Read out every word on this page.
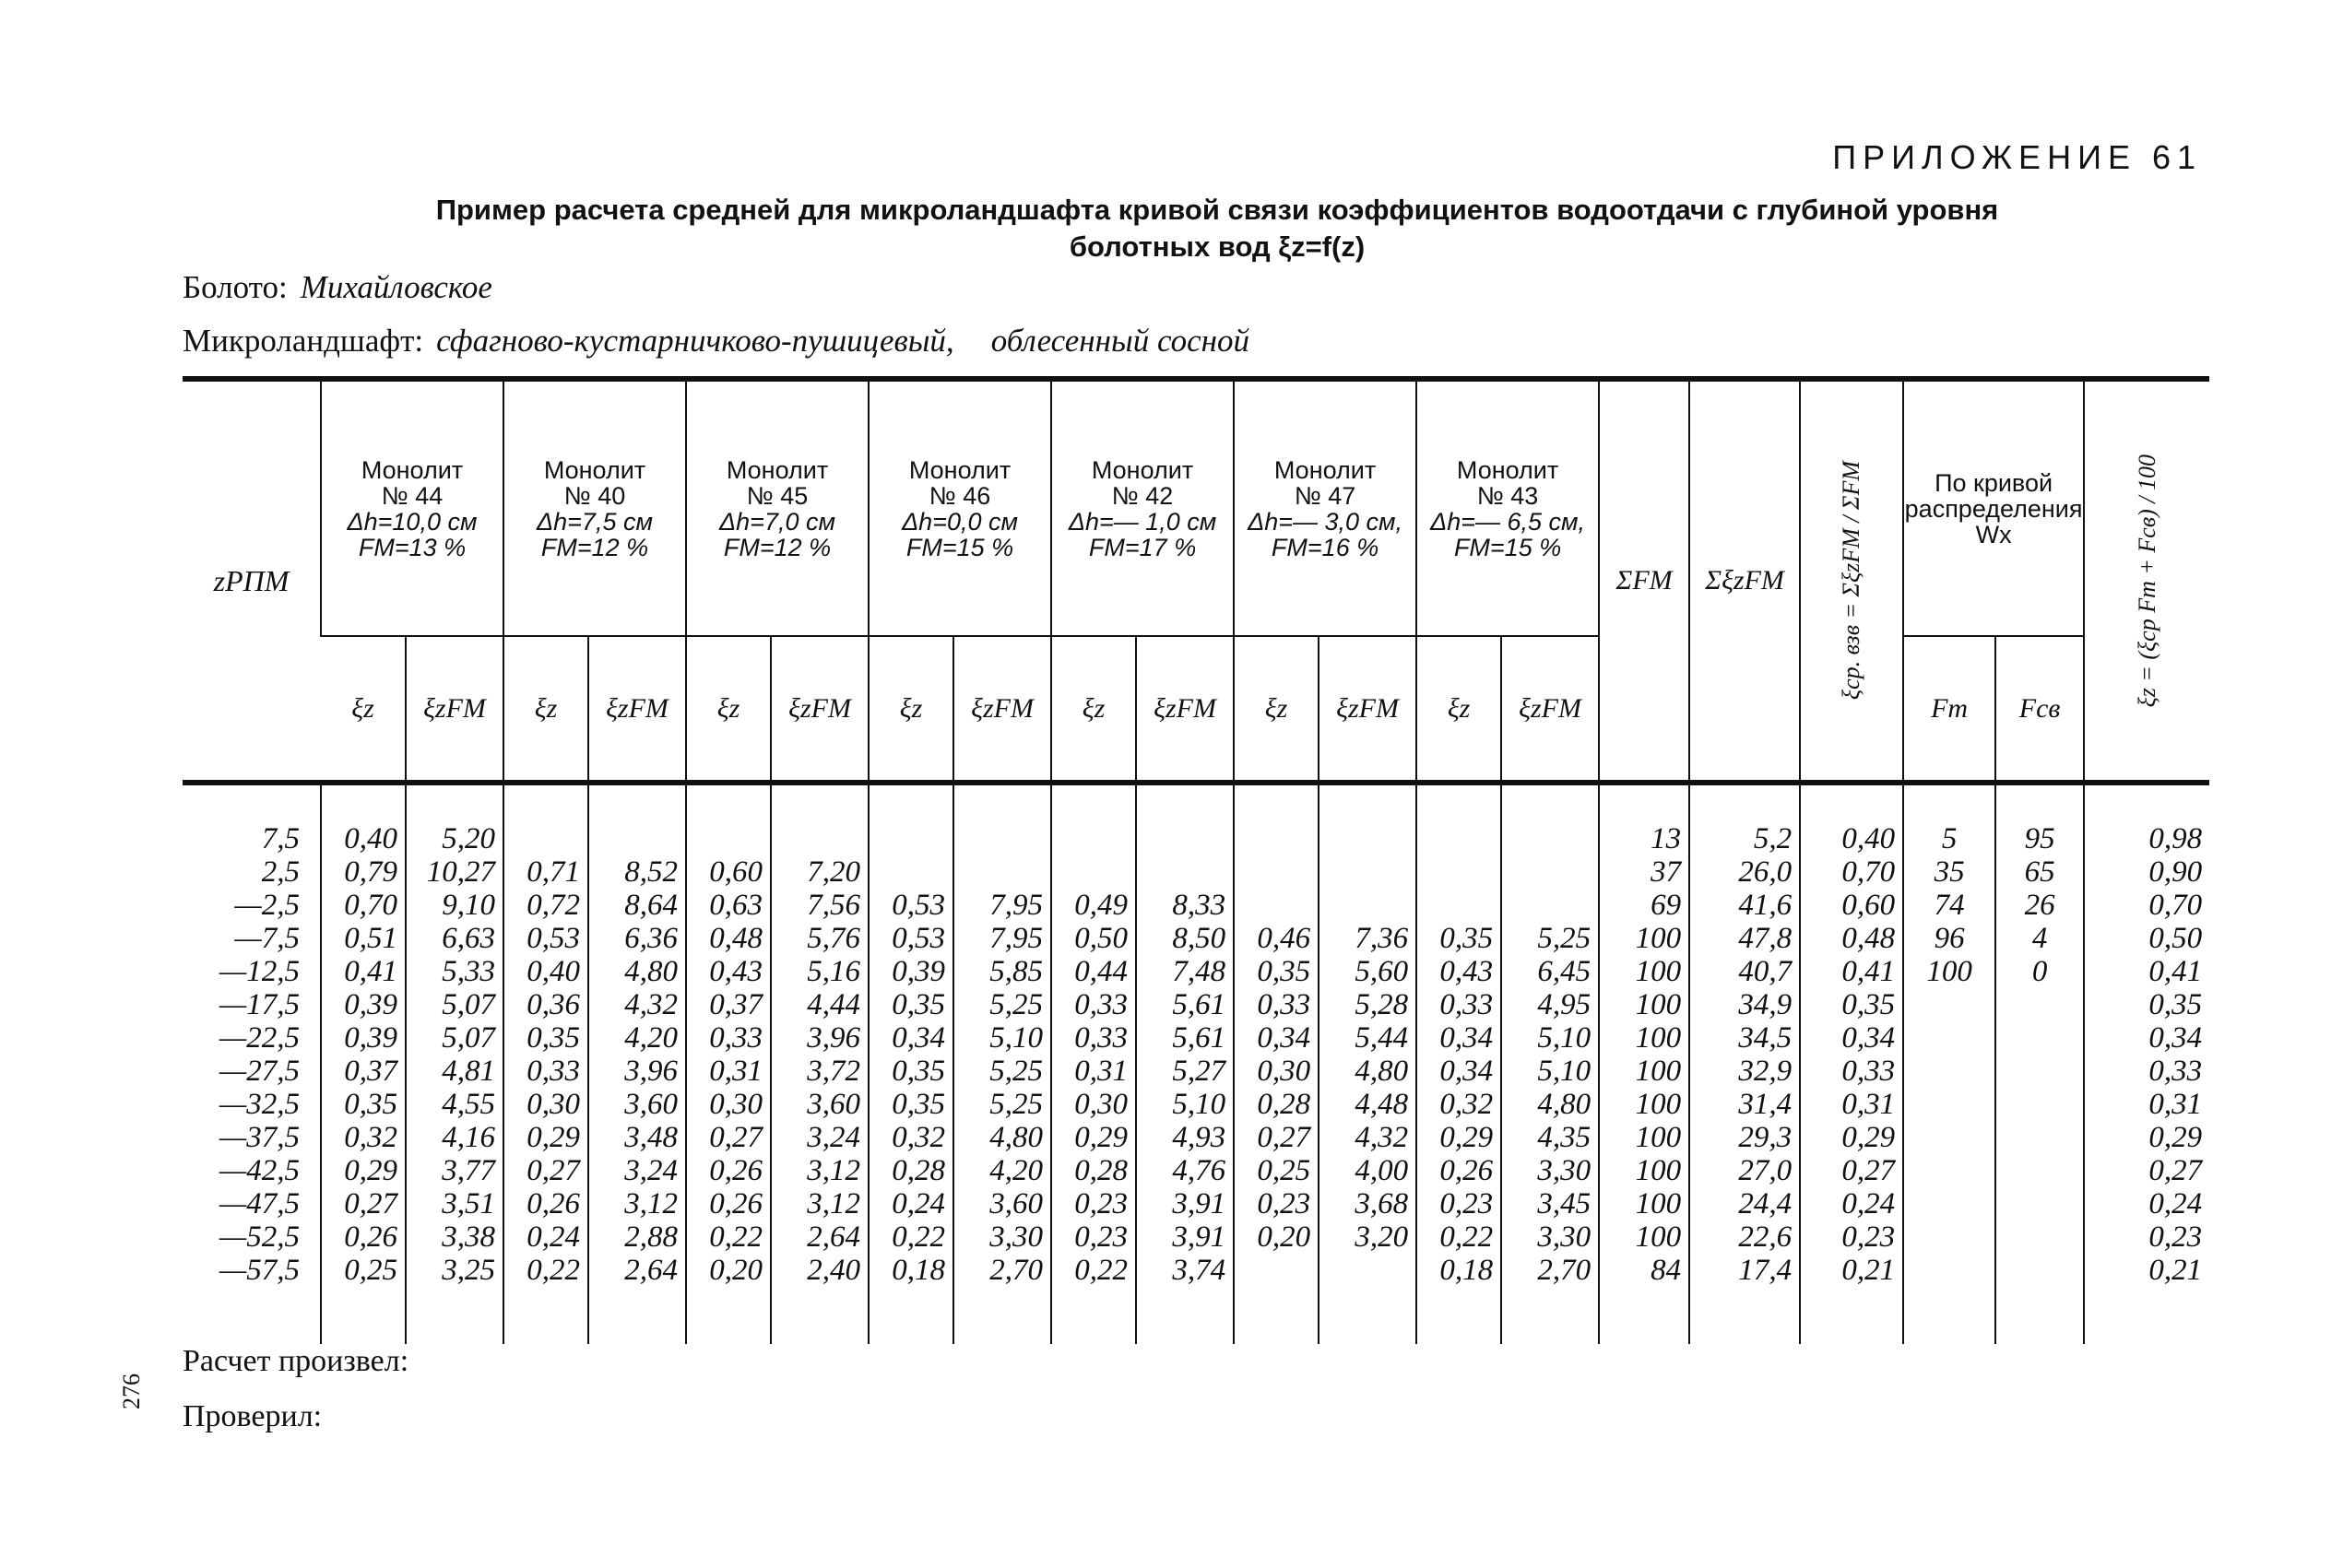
ПРИЛОЖЕНИЕ 61
Пример расчета средней для микроландшафта кривой связи коэффициентов водоотдачи с глубиной уровня
болотных вод ξz=f(z)
Болото: Михайловское
Микроландшафт: сфагново-кустарничково-пушицевый, облесенный сосной
zРПМ	Монолит
№ 44
Δh=10,0 см
FМ=13 %		Монолит
№ 40
Δh=7,5 см
FМ=12 %		Монолит
№ 45
Δh=7,0 см
FМ=12 %		Монолит
№ 46
Δh=0,0 см
FМ=15 %		Монолит
№ 42
Δh=— 1,0 см
FМ=17 %		Монолит
№ 47
Δh=— 3,0 см,
FМ=16 %		Монолит
№ 43
Δh=— 6,5 см,
FМ=15 %		ΣFМ	ΣξzFМ	ξср. взв = ΣξzFМ / ΣFМ	По кривой распределения Wx		ξz = (ξср Fт + Fсв) / 100

	ξz	ξzFМ	ξz	ξzFМ	ξz	ξzFМ	ξz	ξzFМ	ξz	ξzFМ	ξz	ξzFМ	ξz	ξzFМ				Fт	Fсв	
7,5	0,40	5,20													13	5,2	0,40	5	95	0,98
2,5	0,79	10,27	0,71	8,52	0,60	7,20									37	26,0	0,70	35	65	0,90
—2,5	0,70	9,10	0,72	8,64	0,63	7,56	0,53	7,95	0,49	8,33					69	41,6	0,60	74	26	0,70
—7,5	0,51	6,63	0,53	6,36	0,48	5,76	0,53	7,95	0,50	8,50	0,46	7,36	0,35	5,25	100	47,8	0,48	96	4	0,50
—12,5	0,41	5,33	0,40	4,80	0,43	5,16	0,39	5,85	0,44	7,48	0,35	5,60	0,43	6,45	100	40,7	0,41	100	0	0,41
—17,5	0,39	5,07	0,36	4,32	0,37	4,44	0,35	5,25	0,33	5,61	0,33	5,28	0,33	4,95	100	34,9	0,35			0,35
—22,5	0,39	5,07	0,35	4,20	0,33	3,96	0,34	5,10	0,33	5,61	0,34	5,44	0,34	5,10	100	34,5	0,34			0,34
—27,5	0,37	4,81	0,33	3,96	0,31	3,72	0,35	5,25	0,31	5,27	0,30	4,80	0,34	5,10	100	32,9	0,33			0,33
—32,5	0,35	4,55	0,30	3,60	0,30	3,60	0,35	5,25	0,30	5,10	0,28	4,48	0,32	4,80	100	31,4	0,31			0,31
—37,5	0,32	4,16	0,29	3,48	0,27	3,24	0,32	4,80	0,29	4,93	0,27	4,32	0,29	4,35	100	29,3	0,29			0,29
—42,5	0,29	3,77	0,27	3,24	0,26	3,12	0,28	4,20	0,28	4,76	0,25	4,00	0,26	3,30	100	27,0	0,27			0,27
—47,5	0,27	3,51	0,26	3,12	0,26	3,12	0,24	3,60	0,23	3,91	0,23	3,68	0,23	3,45	100	24,4	0,24			0,24
—52,5	0,26	3,38	0,24	2,88	0,22	2,64	0,22	3,30	0,23	3,91	0,20	3,20	0,22	3,30	100	22,6	0,23			0,23
—57,5	0,25	3,25	0,22	2,64	0,20	2,40	0,18	2,70	0,22	3,74			0,18	2,70	84	17,4	0,21			0,21

Расчет произвел:
Проверил:
276
